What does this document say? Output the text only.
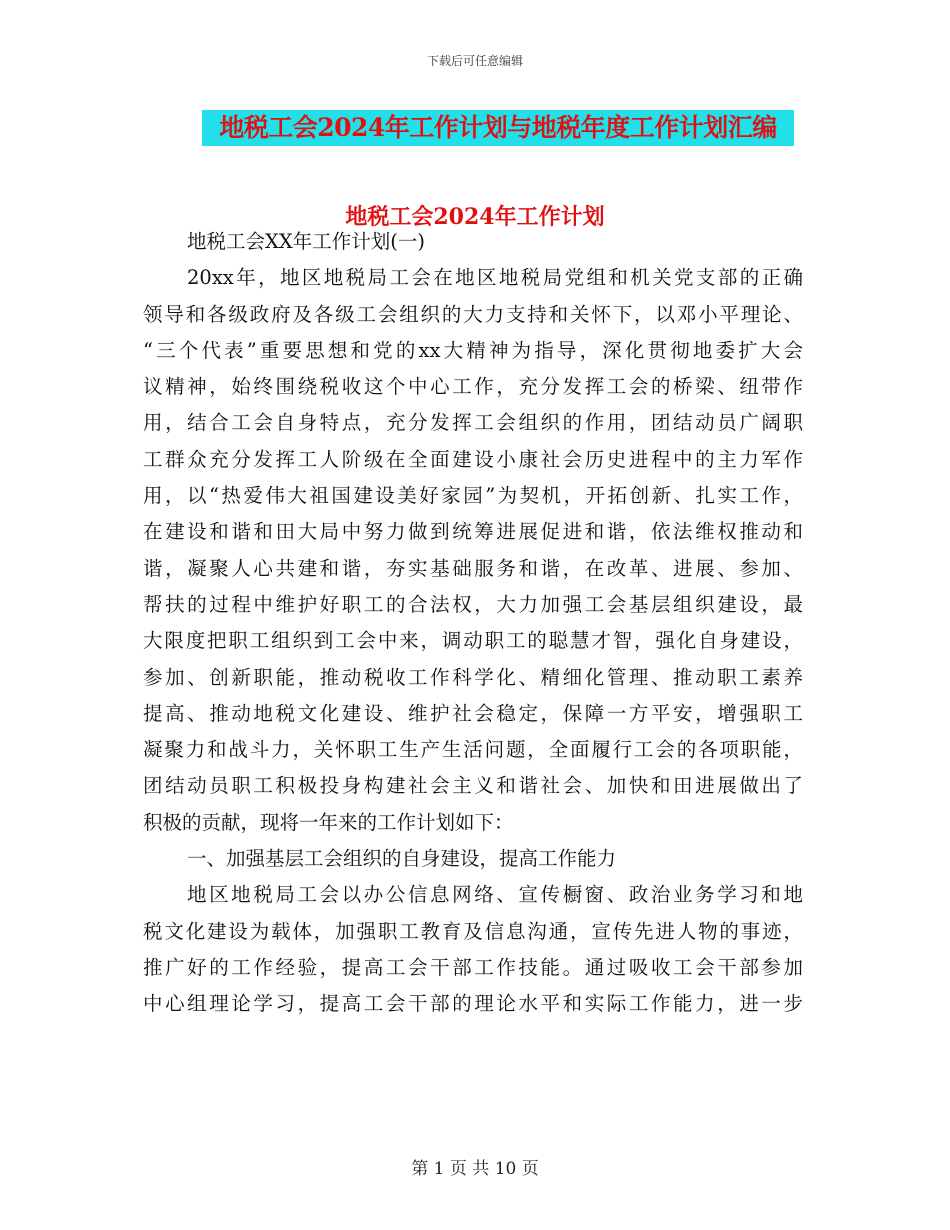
下载后可任意编辑
地税工会2024年工作计划与地税年度工作计划汇编
地税工会2024年工作计划
地税工会XX年工作计划(一)
20xx年，地区地税局工会在地区地税局党组和机关党支部的正确
领导和各级政府及各级工会组织的大力支持和关怀下，以邓小平理论、
“三个代表”重要思想和党的xx大精神为指导，深化贯彻地委扩大会
议精神，始终围绕税收这个中心工作，充分发挥工会的桥梁、纽带作
用，结合工会自身特点，充分发挥工会组织的作用，团结动员广阔职
工群众充分发挥工人阶级在全面建设小康社会历史进程中的主力军作
用，以“热爱伟大祖国建设美好家园”为契机，开拓创新、扎实工作，
在建设和谐和田大局中努力做到统筹进展促进和谐，依法维权推动和
谐，凝聚人心共建和谐，夯实基础服务和谐，在改革、进展、参加、
帮扶的过程中维护好职工的合法权，大力加强工会基层组织建设，最
大限度把职工组织到工会中来，调动职工的聪慧才智，强化自身建设，
参加、创新职能，推动税收工作科学化、精细化管理、推动职工素养
提高、推动地税文化建设、维护社会稳定，保障一方平安，增强职工
凝聚力和战斗力，关怀职工生产生活问题，全面履行工会的各项职能，
团结动员职工积极投身构建社会主义和谐社会、加快和田进展做出了
积极的贡献，现将一年来的工作计划如下：
一、加强基层工会组织的自身建设，提高工作能力
地区地税局工会以办公信息网络、宣传橱窗、政治业务学习和地
税文化建设为载体，加强职工教育及信息沟通，宣传先进人物的事迹，
推广好的工作经验，提高工会干部工作技能。通过吸收工会干部参加
中心组理论学习，提高工会干部的理论水平和实际工作能力，进一步
第 1 页 共 10 页
